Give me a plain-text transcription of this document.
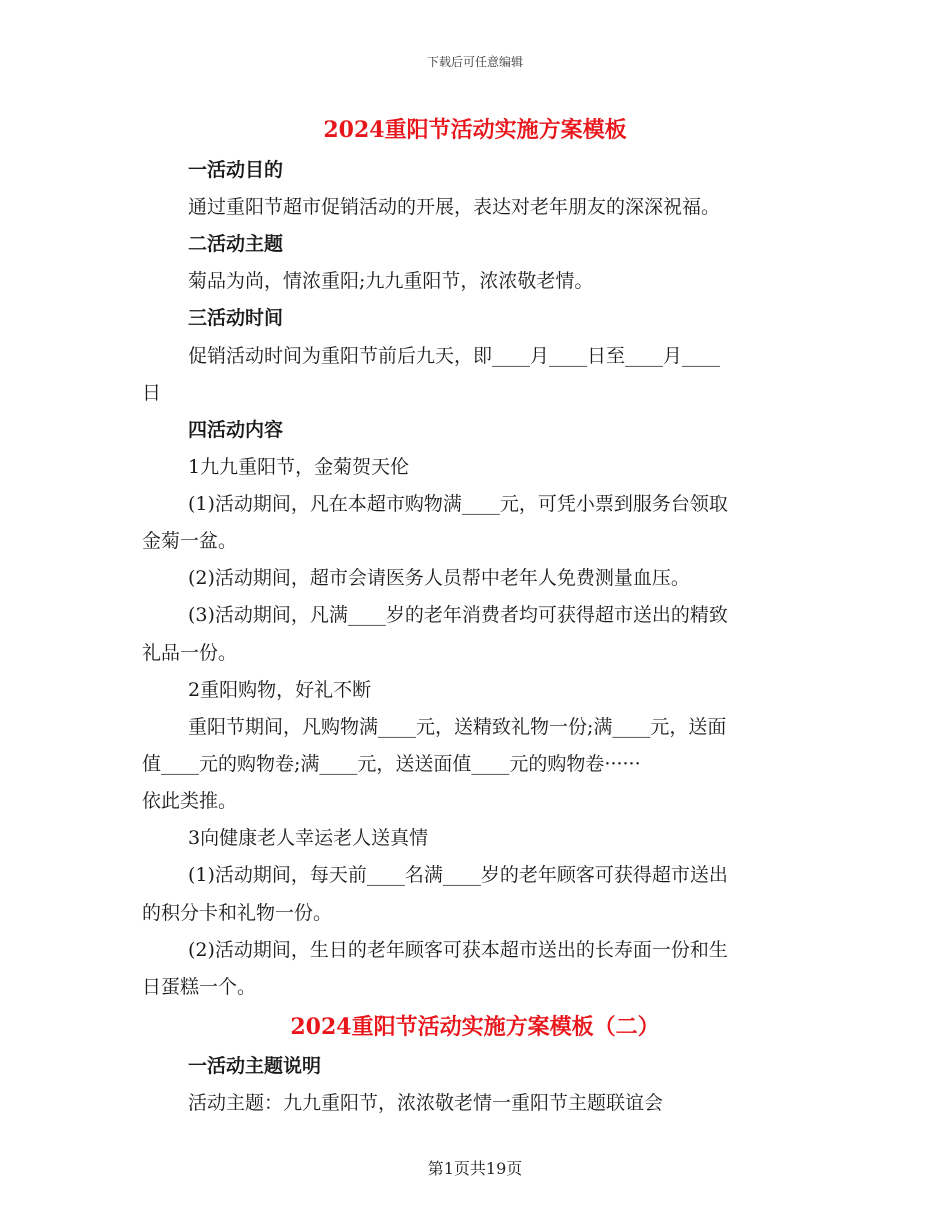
下载后可任意编辑
2024重阳节活动实施方案模板
一活动目的
通过重阳节超市促销活动的开展，表达对老年朋友的深深祝福。
二活动主题
菊品为尚，情浓重阳;九九重阳节，浓浓敬老情。
三活动时间
促销活动时间为重阳节前后九天，即____月____日至____月____
日
四活动内容
1九九重阳节，金菊贺天伦
(1)活动期间，凡在本超市购物满____元，可凭小票到服务台领取
金菊一盆。
(2)活动期间，超市会请医务人员帮中老年人免费测量血压。
(3)活动期间，凡满____岁的老年消费者均可获得超市送出的精致
礼品一份。
2重阳购物，好礼不断
重阳节期间，凡购物满____元，送精致礼物一份;满____元，送面
值____元的购物卷;满____元，送送面值____元的购物卷······
依此类推。
3向健康老人幸运老人送真情
(1)活动期间，每天前____名满____岁的老年顾客可获得超市送出
的积分卡和礼物一份。
(2)活动期间，生日的老年顾客可获本超市送出的长寿面一份和生
日蛋糕一个。
2024重阳节活动实施方案模板（二）
一活动主题说明
活动主题：九九重阳节，浓浓敬老情一重阳节主题联谊会
第1页共19页
